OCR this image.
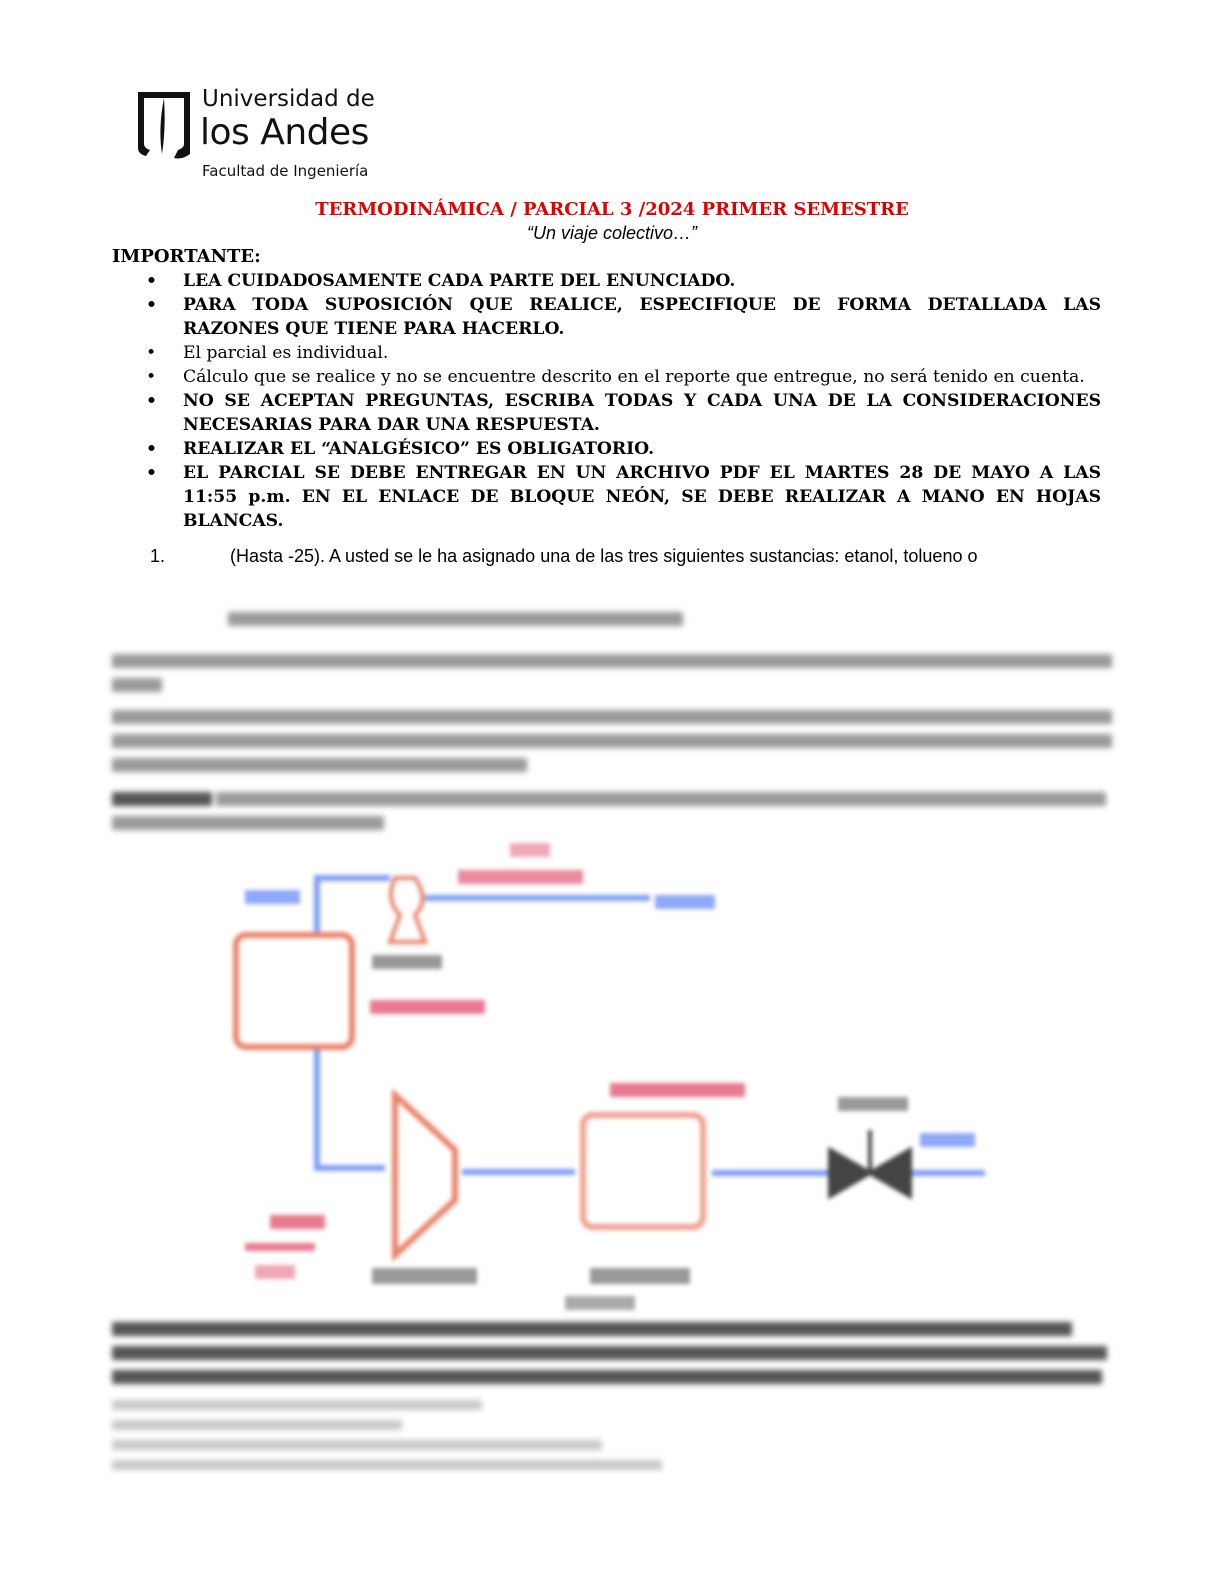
Universidad de
los Andes
Facultad de Ingeniería
TERMODINÁMICA / PARCIAL 3 /2024 PRIMER SEMESTRE
“Un viaje colectivo…”
IMPORTANTE:
• LEA CUIDADOSAMENTE CADA PARTE DEL ENUNCIADO.
• PARA TODA SUPOSICIÓN QUE REALICE, ESPECIFIQUE DE FORMA DETALLADA LAS RAZONES QUE TIENE PARA HACERLO.
• El parcial es individual.
• Cálculo que se realice y no se encuentre descrito en el reporte que entregue, no será tenido en cuenta.
• NO SE ACEPTAN PREGUNTAS, ESCRIBA TODAS Y CADA UNA DE LA CONSIDERACIONES NECESARIAS PARA DAR UNA RESPUESTA.
• REALIZAR EL “ANALGÉSICO” ES OBLIGATORIO.
• EL PARCIAL SE DEBE ENTREGAR EN UN ARCHIVO PDF EL MARTES 28 DE MAYO A LAS 11:55 p.m. EN EL ENLACE DE BLOQUE NEÓN, SE DEBE REALIZAR A MANO EN HOJAS BLANCAS.
1.	(Hasta -25). A usted se le ha asignado una de las tres siguientes sustancias: etanol, tolueno o
